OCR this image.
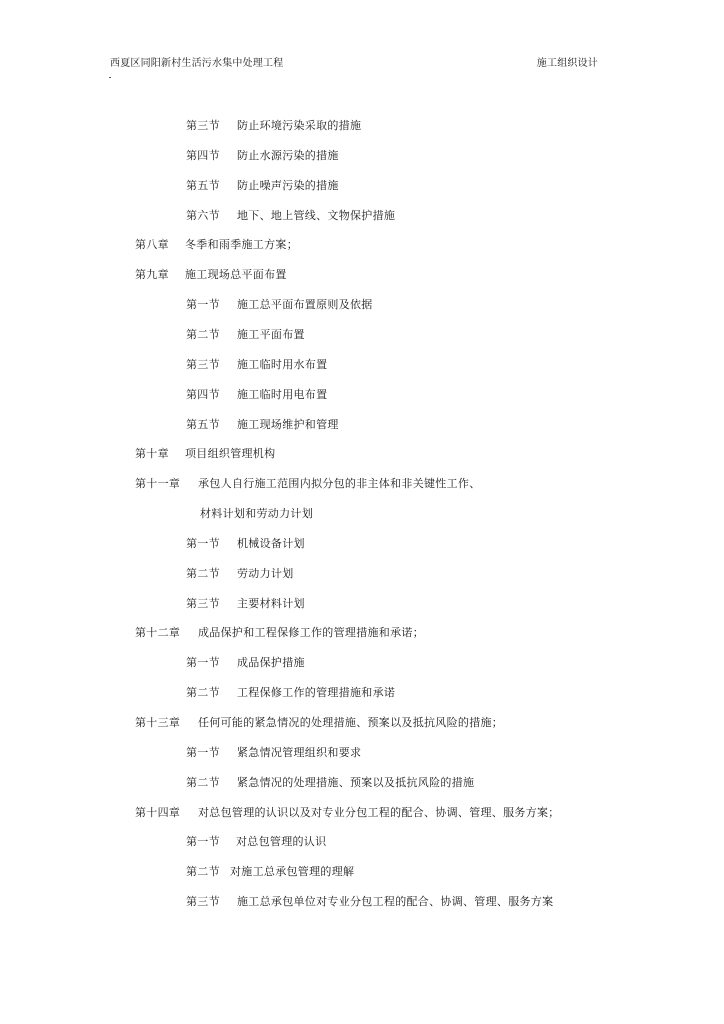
西夏区同阳新村生活污水集中处理工程	施工组织设计
第三节 防止环境污染采取的措施
第四节 防止水源污染的措施
第五节 防止噪声污染的措施
第六节 地下、地上管线、文物保护措施
第八章 冬季和雨季施工方案；
第九章 施工现场总平面布置
第一节 施工总平面布置原则及依据
第二节 施工平面布置
第三节 施工临时用水布置
第四节 施工临时用电布置
第五节 施工现场维护和管理
第十章 项目组织管理机构
第十一章 承包人自行施工范围内拟分包的非主体和非关键性工作、
材料计划和劳动力计划
第一节 机械设备计划
第二节 劳动力计划
第三节 主要材料计划
第十二章 成品保护和工程保修工作的管理措施和承诺；
第一节 成品保护措施
第二节 工程保修工作的管理措施和承诺
第十三章 任何可能的紧急情况的处理措施、预案以及抵抗风险的措施；
第一节 紧急情况管理组织和要求
第二节 紧急情况的处理措施、预案以及抵抗风险的措施
第十四章 对总包管理的认识以及对专业分包工程的配合、协调、管理、服务方案；
第一节 对总包管理的认识
第二节 对施工总承包管理的理解
第三节 施工总承包单位对专业分包工程的配合、协调、管理、服务方案
